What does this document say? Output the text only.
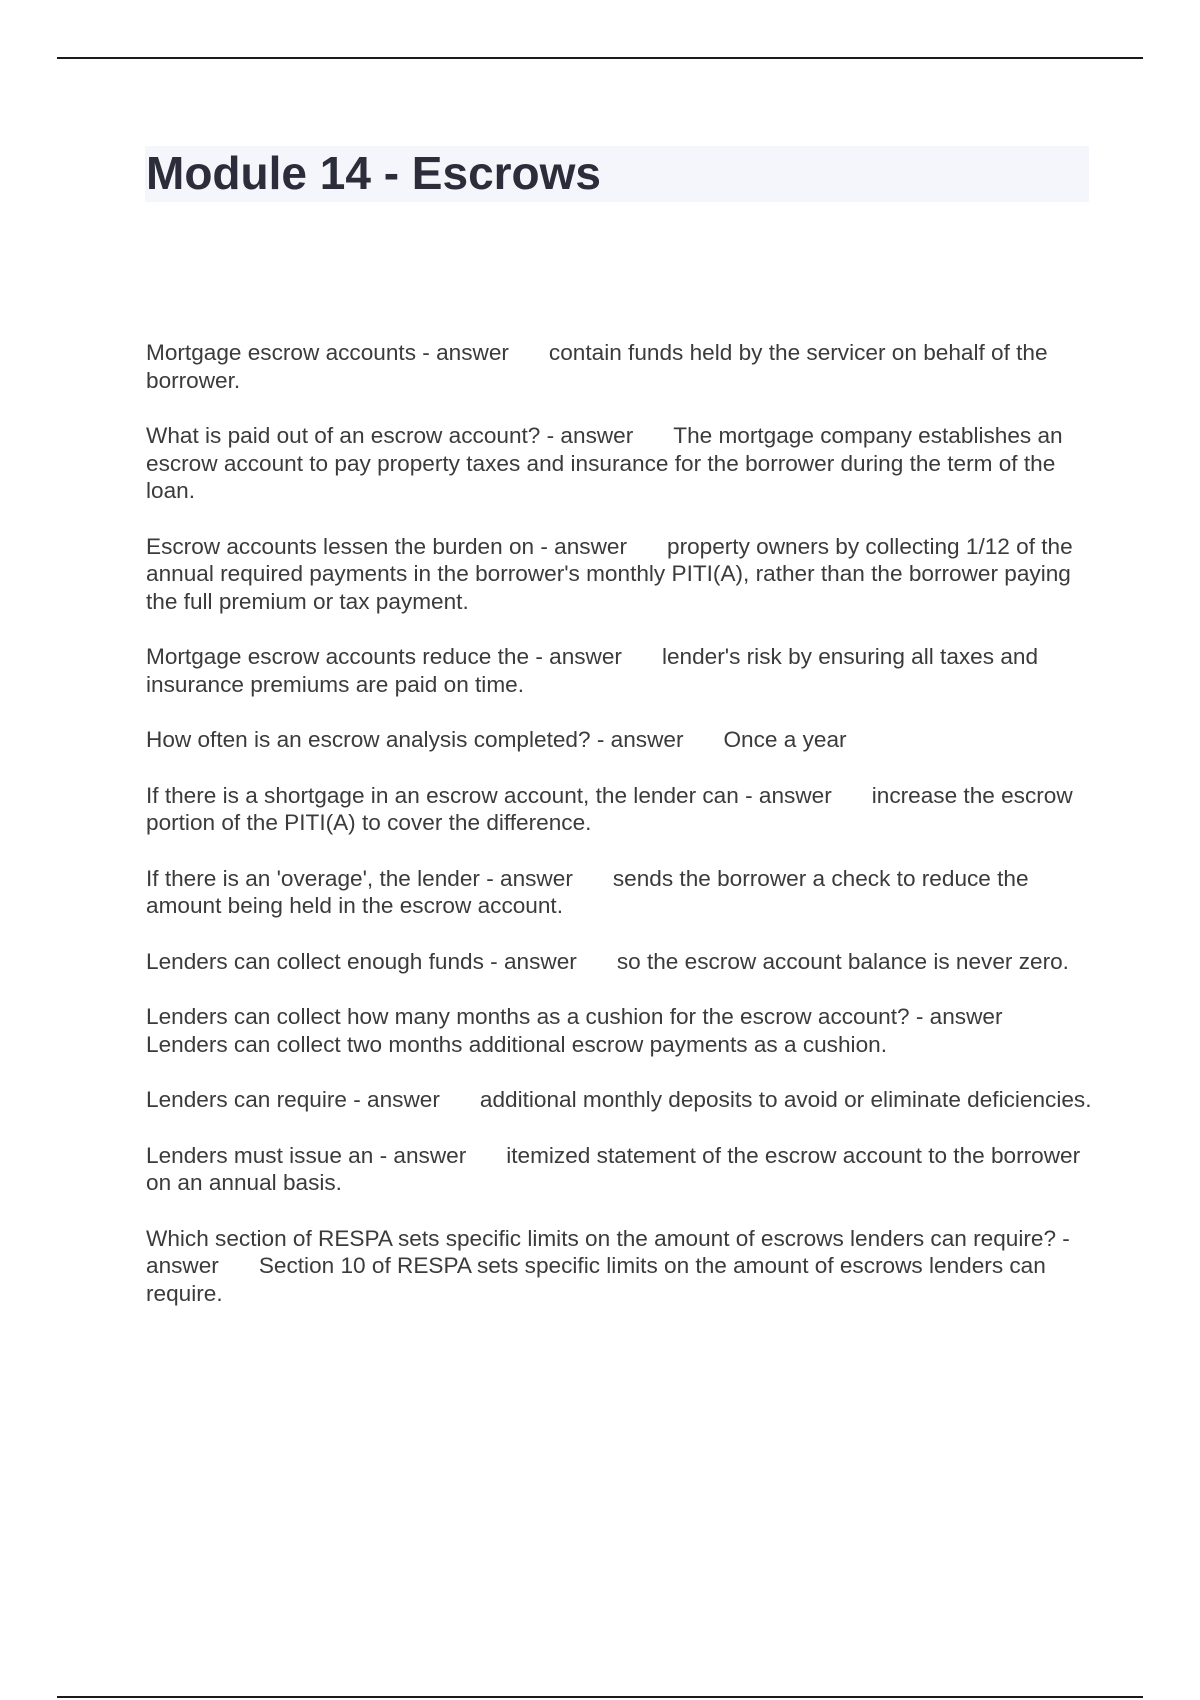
Module 14 - Escrows

Mortgage escrow accounts - answer contain funds held by the servicer on behalf of the borrower.

What is paid out of an escrow account? - answer The mortgage company establishes an escrow account to pay property taxes and insurance for the borrower during the term of the loan.

Escrow accounts lessen the burden on - answer property owners by collecting 1/12 of the annual required payments in the borrower's monthly PITI(A), rather than the borrower paying the full premium or tax payment.

Mortgage escrow accounts reduce the - answer lender's risk by ensuring all taxes and insurance premiums are paid on time.

How often is an escrow analysis completed? - answer Once a year

If there is a shortgage in an escrow account, the lender can - answer increase the escrow portion of the PITI(A) to cover the difference.

If there is an 'overage', the lender - answer sends the borrower a check to reduce the amount being held in the escrow account.

Lenders can collect enough funds - answer so the escrow account balance is never zero.

Lenders can collect how many months as a cushion for the escrow account? - answerLenders can collect two months additional escrow payments as a cushion.

Lenders can require - answer additional monthly deposits to avoid or eliminate deficiencies.

Lenders must issue an - answer itemized statement of the escrow account to the borrower on an annual basis.

Which section of RESPA sets specific limits on the amount of escrows lenders can require? - answer Section 10 of RESPA sets specific limits on the amount of escrows lenders can require.
